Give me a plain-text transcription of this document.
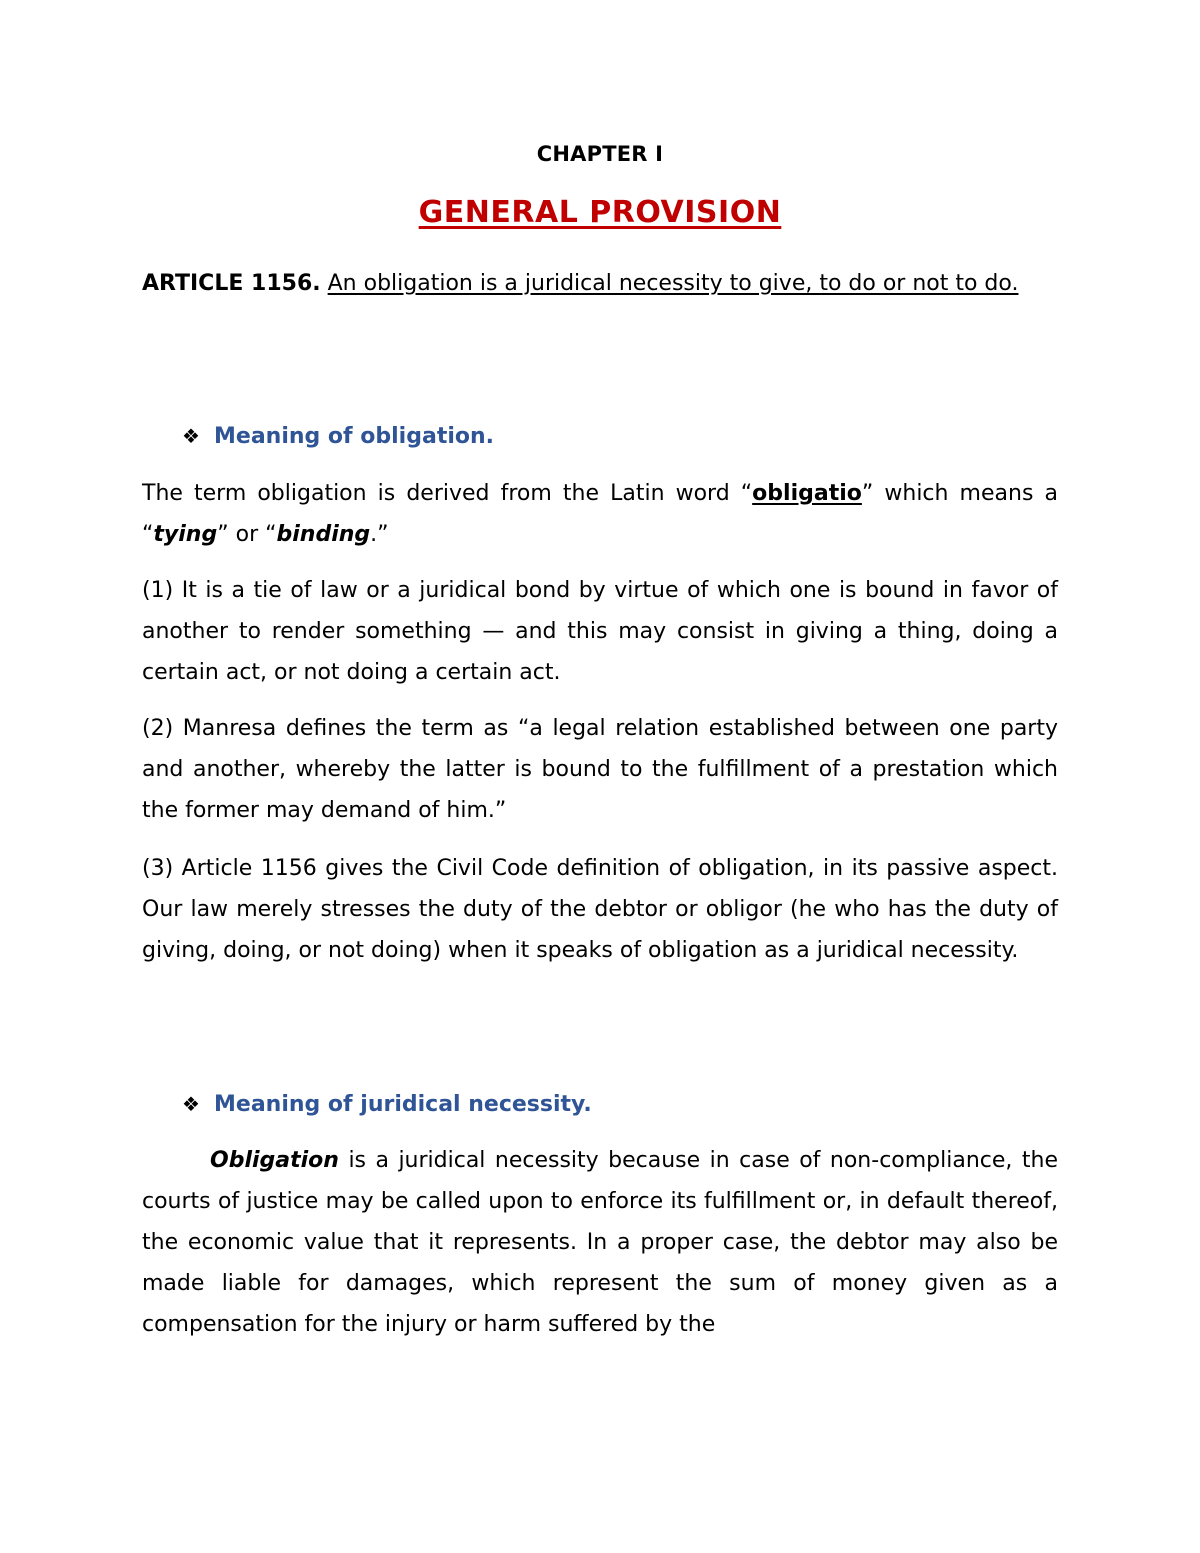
CHAPTER I
GENERAL PROVISION

ARTICLE 1156. An obligation is a juridical necessity to give, to do or not to do.

❖ Meaning of obligation.

The term obligation is derived from the Latin word “obligatio” which means a “tying” or “binding.”

(1) It is a tie of law or a juridical bond by virtue of which one is bound in favor of another to render something — and this may consist in giving a thing, doing a certain act, or not doing a certain act.

(2) Manresa defines the term as “a legal relation established between one party and another, whereby the latter is bound to the fulfillment of a prestation which the former may demand of him.”

(3) Article 1156 gives the Civil Code definition of obligation, in its passive aspect. Our law merely stresses the duty of the debtor or obligor (he who has the duty of giving, doing, or not doing) when it speaks of obligation as a juridical necessity.

❖ Meaning of juridical necessity.

Obligation is a juridical necessity because in case of non-compliance, the courts of justice may be called upon to enforce its fulfillment or, in default thereof, the economic value that it represents. In a proper case, the debtor may also be made liable for damages, which represent the sum of money given as a compensation for the injury or harm suffered by the
